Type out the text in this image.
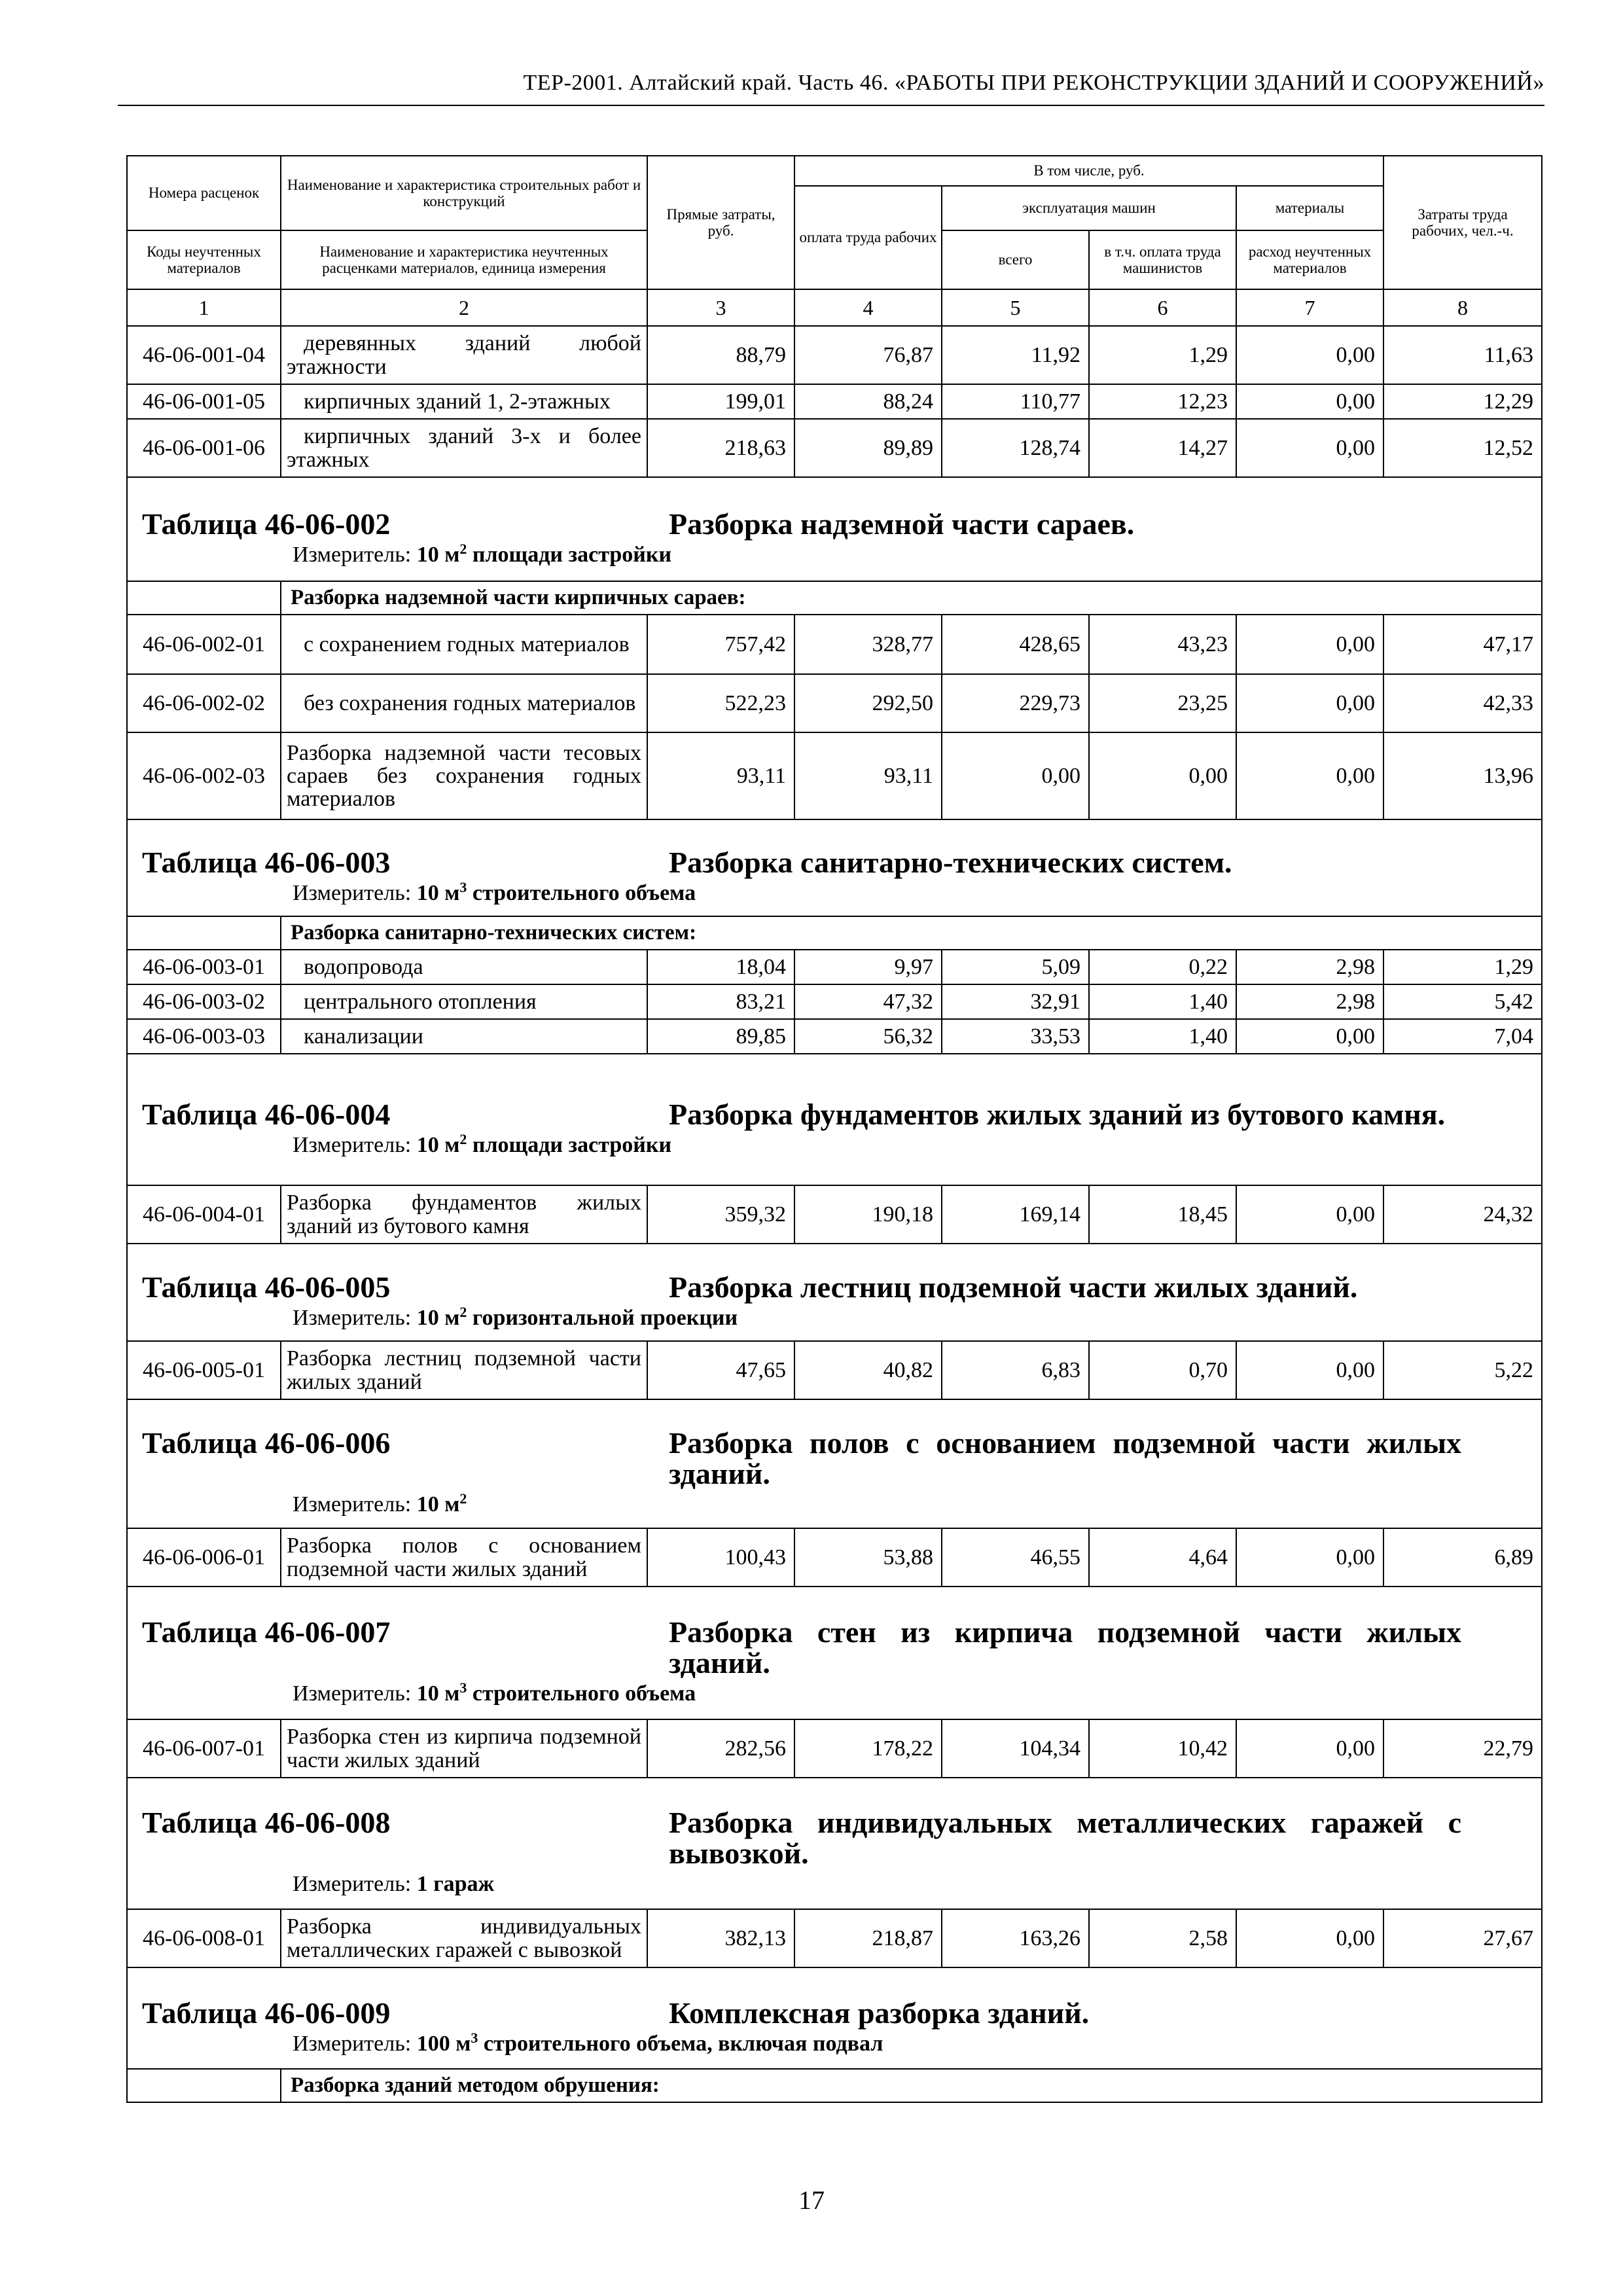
ТЕР-2001. Алтайский край. Часть 46. «РАБОТЫ ПРИ РЕКОНСТРУКЦИИ ЗДАНИЙ И СООРУЖЕНИЙ»
Номера расценок	Наименование и характеристика строительных работ и конструкций	Прямые затраты, руб.	В том числе, руб.				Затраты труда рабочих, чел.-ч.
			оплата труда рабочих	эксплуатация машин		материалы	
Коды неучтенных материалов	Наименование и характеристика неучтенных расценками материалов, единица измерения			всего	в т.ч. оплата труда машинистов	расход неучтенных материалов	
1	2	3	4	5	6	7	8
46-06-001-04	деревянных зданий любой этажности	88,79	76,87	11,92	1,29	0,00	11,63
46-06-001-05	кирпичных зданий 1, 2-этажных	199,01	88,24	110,77	12,23	0,00	12,29
46-06-001-06	кирпичных зданий 3-х и более этажных	218,63	89,89	128,74	14,27	0,00	12,52

Таблица 46-06-002 Разборка надземной части сараев.
Измеритель: 10 $м^2$ площади застройки							

	Разборка надземной части кирпичных сараев:						
46-06-002-01	с сохранением годных материалов	757,42	328,77	428,65	43,23	0,00	47,17
46-06-002-02	без сохранения годных материалов	522,23	292,50	229,73	23,25	0,00	42,33
46-06-002-03	Разборка надземной части тесовых сараев без сохранения годных материалов	93,11	93,11	0,00	0,00	0,00	13,96

Таблица 46-06-003 Разборка санитарно-технических систем.
Измеритель: 10 $м^3$ строительного объема							

	Разборка санитарно-технических систем:						
46-06-003-01	водопровода	18,04	9,97	5,09	0,22	2,98	1,29
46-06-003-02	центрального отопления	83,21	47,32	32,91	1,40	2,98	5,42
46-06-003-03	канализации	89,85	56,32	33,53	1,40	0,00	7,04

Таблица 46-06-004 Разборка фундаментов жилых зданий из бутового камня.
Измеритель: 10 $м^2$ площади застройки							

46-06-004-01	Разборка фундаментов жилых зданий из бутового камня	359,32	190,18	169,14	18,45	0,00	24,32

Таблица 46-06-005 Разборка лестниц подземной части жилых зданий.
Измеритель: 10 $м^2$ горизонтальной проекции							

46-06-005-01	Разборка лестниц подземной части жилых зданий	47,65	40,82	6,83	0,70	0,00	5,22

Таблица 46-06-006 Разборка полов с основанием подземной части жилых зданий.
Измеритель: 10 $м^2$

46-06-006-01	Разборка полов с основанием подземной части жилых зданий	100,43	53,88	46,55	4,64	0,00	6,89

Таблица 46-06-007 Разборка стен из кирпича подземной части жилых зданий.
Измеритель: 10 $м^3$ строительного объема							

46-06-007-01	Разборка стен из кирпича подземной части жилых зданий	282,56	178,22	104,34	10,42	0,00	22,79

Таблица 46-06-008 Разборка индивидуальных металлических гаражей с вывозкой.
Измеритель: 1 гараж							

46-06-008-01	Разборка индивидуальных металлических гаражей с вывозкой	382,13	218,87	163,26	2,58	0,00	27,67

Таблица 46-06-009 Комплексная разборка зданий.
Измеритель: 100 $м^3$ строительного объема, включая подвал							

	Разборка зданий методом обрушения:						
17
